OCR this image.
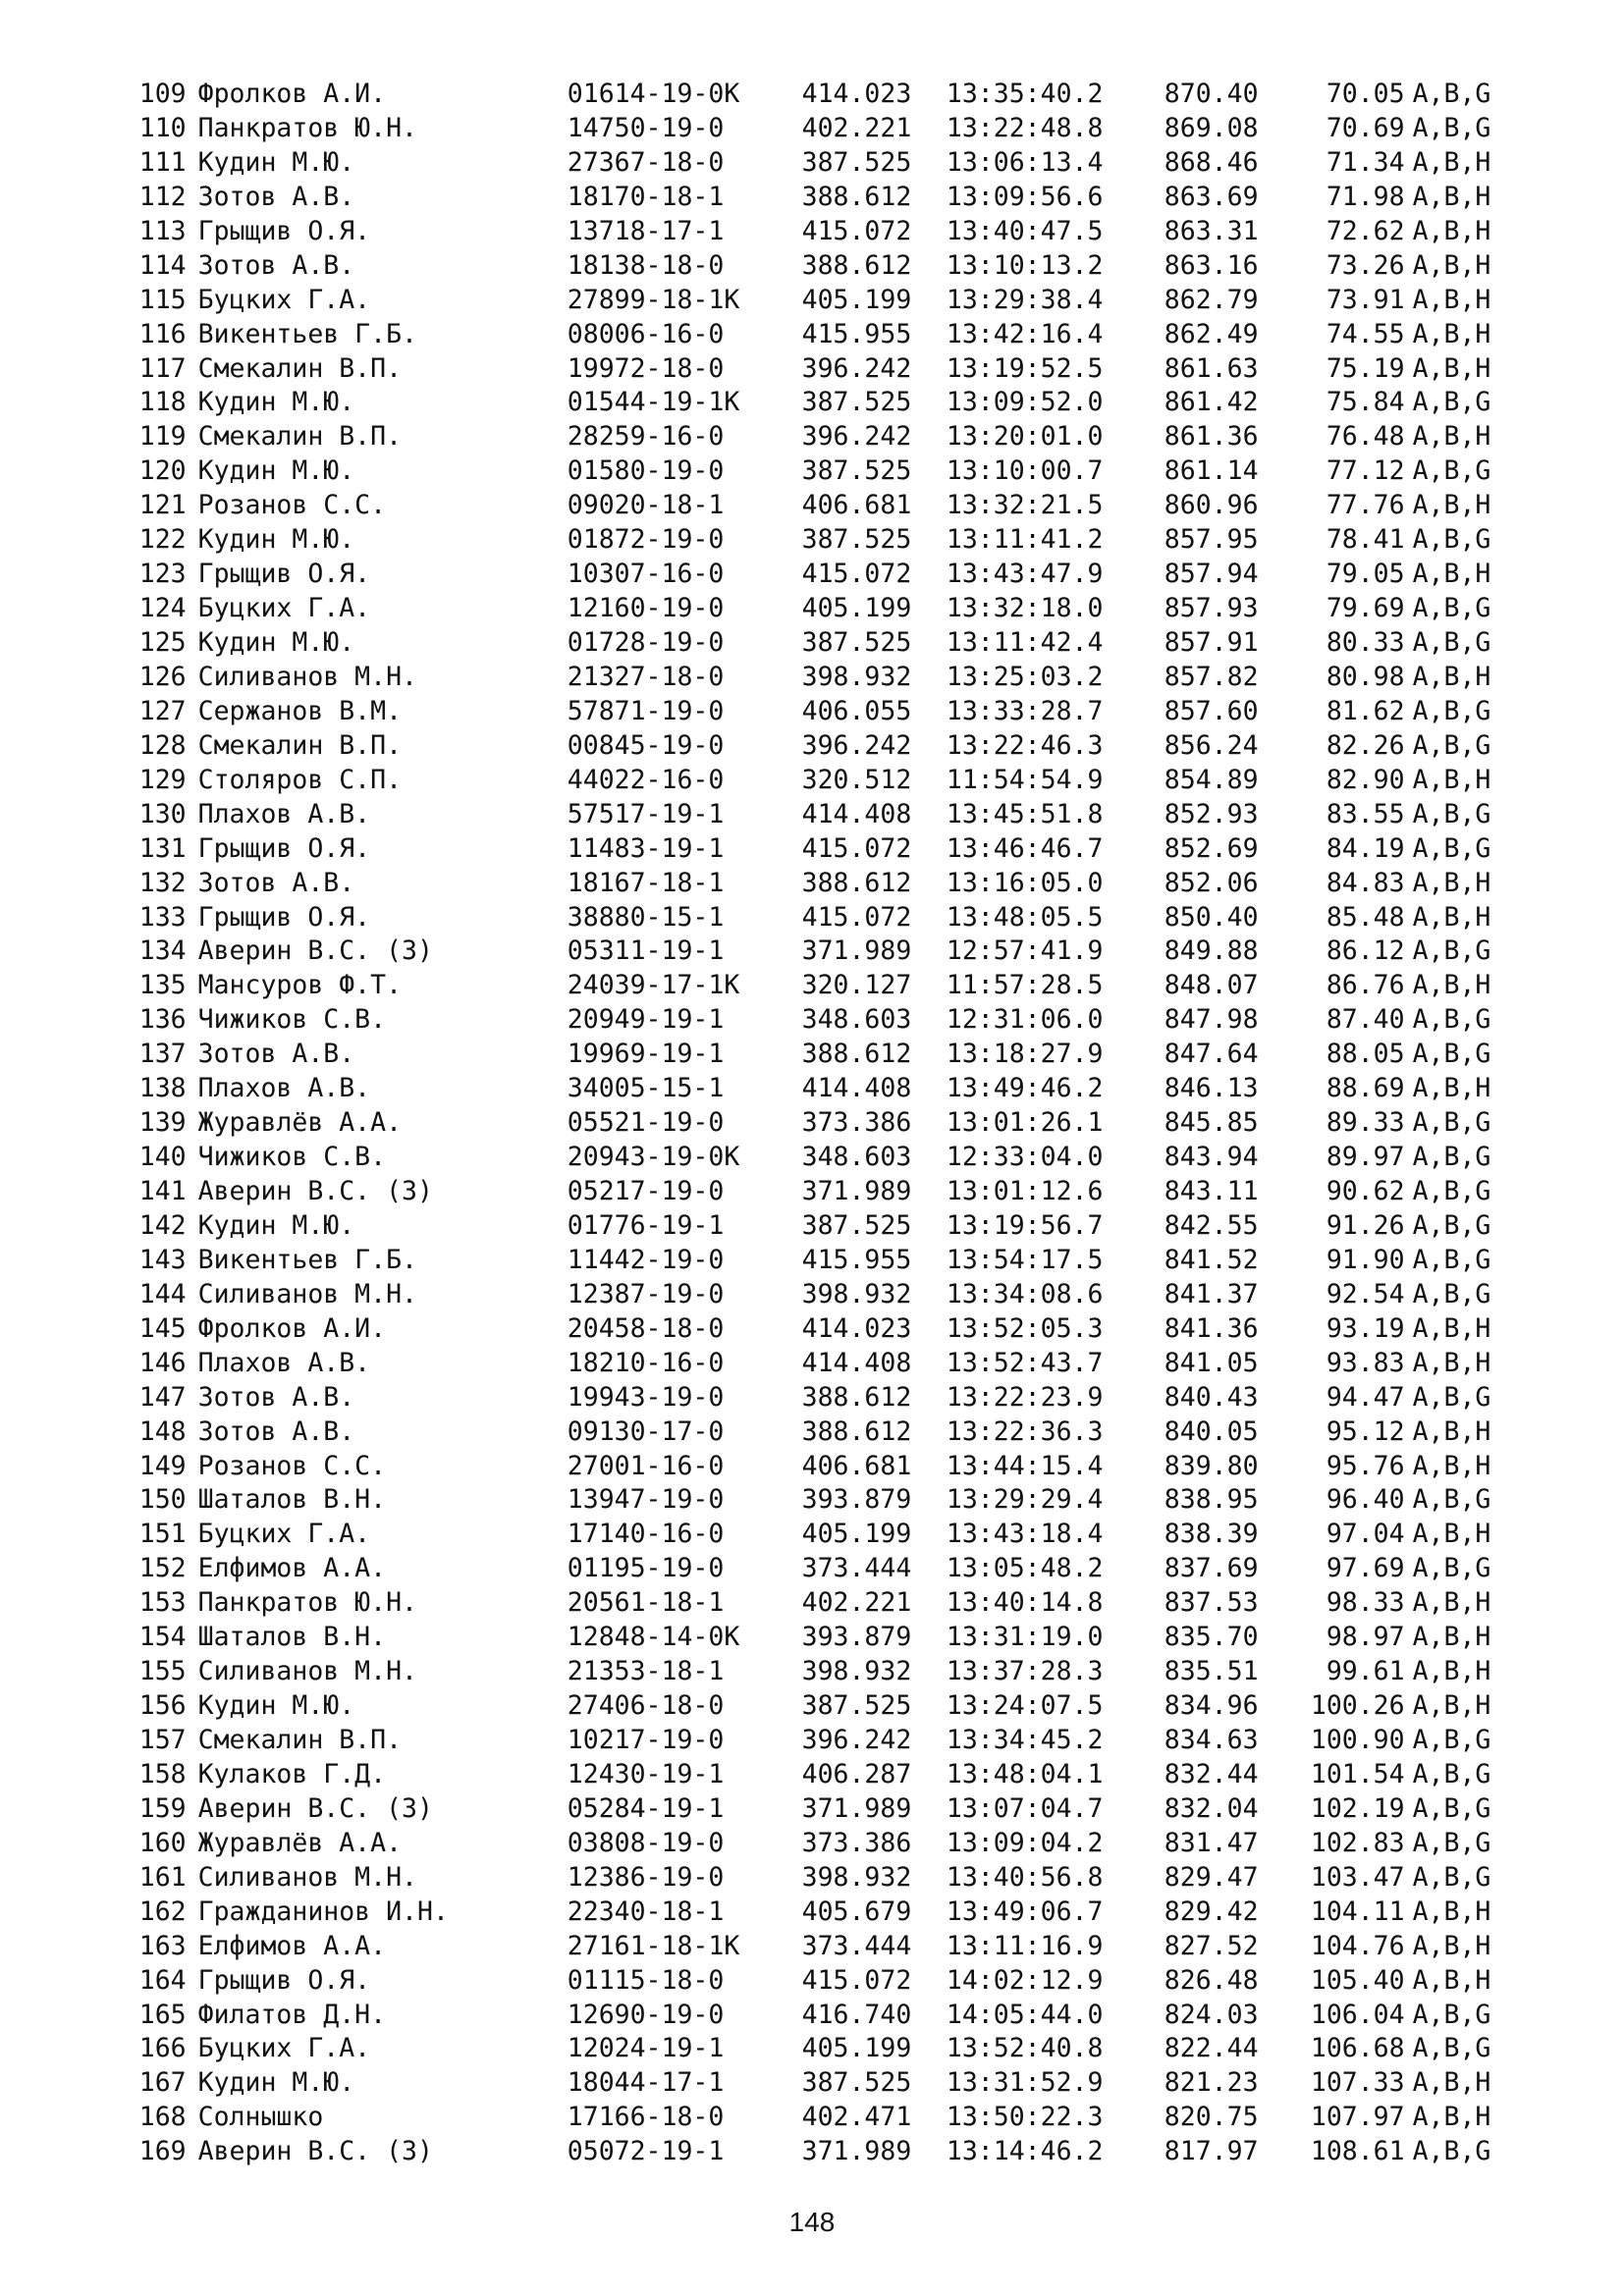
109 Фролков А.И.	01614-19-0К	414.023	13:35:40.2	870.40	70.05 A,B,G
110 Панкратов Ю.Н.	14750-19-0	402.221	13:22:48.8	869.08	70.69 A,B,G
111 Кудин М.Ю.	27367-18-0	387.525	13:06:13.4	868.46	71.34 A,B,H
112 Зотов А.В.	18170-18-1	388.612	13:09:56.6	863.69	71.98 A,B,H
113 Грыщив О.Я.	13718-17-1	415.072	13:40:47.5	863.31	72.62 A,B,H
114 Зотов А.В.	18138-18-0	388.612	13:10:13.2	863.16	73.26 A,B,H
115 Буцких Г.А.	27899-18-1К	405.199	13:29:38.4	862.79	73.91 A,B,H
116 Викентьев Г.Б.	08006-16-0	415.955	13:42:16.4	862.49	74.55 A,B,H
117 Смекалин В.П.	19972-18-0	396.242	13:19:52.5	861.63	75.19 A,B,H
118 Кудин М.Ю.	01544-19-1К	387.525	13:09:52.0	861.42	75.84 A,B,G
119 Смекалин В.П.	28259-16-0	396.242	13:20:01.0	861.36	76.48 A,B,H
120 Кудин М.Ю.	01580-19-0	387.525	13:10:00.7	861.14	77.12 A,B,G
121 Розанов С.С.	09020-18-1	406.681	13:32:21.5	860.96	77.76 A,B,H
122 Кудин М.Ю.	01872-19-0	387.525	13:11:41.2	857.95	78.41 A,B,G
123 Грыщив О.Я.	10307-16-0	415.072	13:43:47.9	857.94	79.05 A,B,H
124 Буцких Г.А.	12160-19-0	405.199	13:32:18.0	857.93	79.69 A,B,G
125 Кудин М.Ю.	01728-19-0	387.525	13:11:42.4	857.91	80.33 A,B,G
126 Силиванов М.Н.	21327-18-0	398.932	13:25:03.2	857.82	80.98 A,B,H
127 Сержанов В.М.	57871-19-0	406.055	13:33:28.7	857.60	81.62 A,B,G
128 Смекалин В.П.	00845-19-0	396.242	13:22:46.3	856.24	82.26 A,B,G
129 Столяров С.П.	44022-16-0	320.512	11:54:54.9	854.89	82.90 A,B,H
130 Плахов А.В.	57517-19-1	414.408	13:45:51.8	852.93	83.55 A,B,G
131 Грыщив О.Я.	11483-19-1	415.072	13:46:46.7	852.69	84.19 A,B,G
132 Зотов А.В.	18167-18-1	388.612	13:16:05.0	852.06	84.83 A,B,H
133 Грыщив О.Я.	38880-15-1	415.072	13:48:05.5	850.40	85.48 A,B,H
134 Аверин В.С. (З)	05311-19-1	371.989	12:57:41.9	849.88	86.12 A,B,G
135 Мансуров Ф.Т.	24039-17-1К	320.127	11:57:28.5	848.07	86.76 A,B,H
136 Чижиков С.В.	20949-19-1	348.603	12:31:06.0	847.98	87.40 A,B,G
137 Зотов А.В.	19969-19-1	388.612	13:18:27.9	847.64	88.05 A,B,G
138 Плахов А.В.	34005-15-1	414.408	13:49:46.2	846.13	88.69 A,B,H
139 Журавлёв А.А.	05521-19-0	373.386	13:01:26.1	845.85	89.33 A,B,G
140 Чижиков С.В.	20943-19-0К	348.603	12:33:04.0	843.94	89.97 A,B,G
141 Аверин В.С. (З)	05217-19-0	371.989	13:01:12.6	843.11	90.62 A,B,G
142 Кудин М.Ю.	01776-19-1	387.525	13:19:56.7	842.55	91.26 A,B,G
143 Викентьев Г.Б.	11442-19-0	415.955	13:54:17.5	841.52	91.90 A,B,G
144 Силиванов М.Н.	12387-19-0	398.932	13:34:08.6	841.37	92.54 A,B,G
145 Фролков А.И.	20458-18-0	414.023	13:52:05.3	841.36	93.19 A,B,H
146 Плахов А.В.	18210-16-0	414.408	13:52:43.7	841.05	93.83 A,B,H
147 Зотов А.В.	19943-19-0	388.612	13:22:23.9	840.43	94.47 A,B,G
148 Зотов А.В.	09130-17-0	388.612	13:22:36.3	840.05	95.12 A,B,H
149 Розанов С.С.	27001-16-0	406.681	13:44:15.4	839.80	95.76 A,B,H
150 Шаталов В.Н.	13947-19-0	393.879	13:29:29.4	838.95	96.40 A,B,G
151 Буцких Г.А.	17140-16-0	405.199	13:43:18.4	838.39	97.04 A,B,H
152 Елфимов А.А.	01195-19-0	373.444	13:05:48.2	837.69	97.69 A,B,G
153 Панкратов Ю.Н.	20561-18-1	402.221	13:40:14.8	837.53	98.33 A,B,H
154 Шаталов В.Н.	12848-14-0К	393.879	13:31:19.0	835.70	98.97 A,B,H
155 Силиванов М.Н.	21353-18-1	398.932	13:37:28.3	835.51	99.61 A,B,H
156 Кудин М.Ю.	27406-18-0	387.525	13:24:07.5	834.96	100.26 A,B,H
157 Смекалин В.П.	10217-19-0	396.242	13:34:45.2	834.63	100.90 A,B,G
158 Кулаков Г.Д.	12430-19-1	406.287	13:48:04.1	832.44	101.54 A,B,G
159 Аверин В.С. (З)	05284-19-1	371.989	13:07:04.7	832.04	102.19 A,B,G
160 Журавлёв А.А.	03808-19-0	373.386	13:09:04.2	831.47	102.83 A,B,G
161 Силиванов М.Н.	12386-19-0	398.932	13:40:56.8	829.47	103.47 A,B,G
162 Гражданинов И.Н.	22340-18-1	405.679	13:49:06.7	829.42	104.11 A,B,H
163 Елфимов А.А.	27161-18-1К	373.444	13:11:16.9	827.52	104.76 A,B,H
164 Грыщив О.Я.	01115-18-0	415.072	14:02:12.9	826.48	105.40 A,B,H
165 Филатов Д.Н.	12690-19-0	416.740	14:05:44.0	824.03	106.04 A,B,G
166 Буцких Г.А.	12024-19-1	405.199	13:52:40.8	822.44	106.68 A,B,G
167 Кудин М.Ю.	18044-17-1	387.525	13:31:52.9	821.23	107.33 A,B,H
168 Солнышко	17166-18-0	402.471	13:50:22.3	820.75	107.97 A,B,H
169 Аверин В.С. (З)	05072-19-1	371.989	13:14:46.2	817.97	108.61 A,B,G
148
